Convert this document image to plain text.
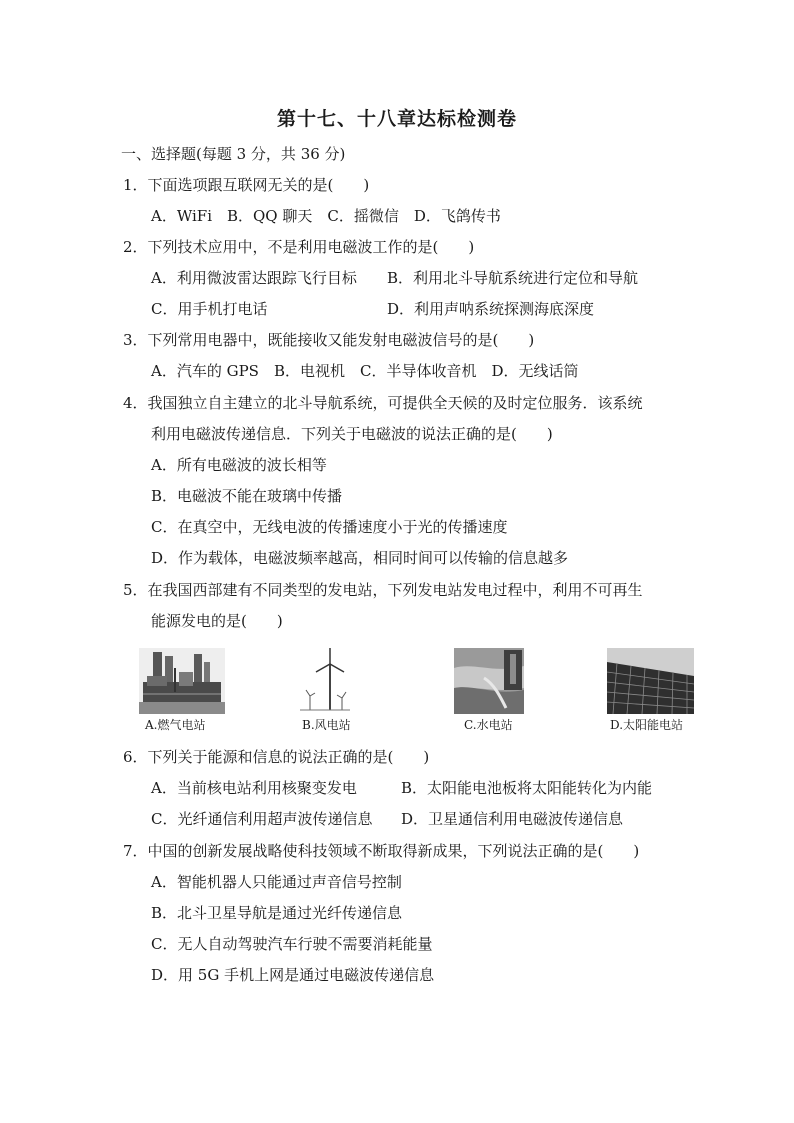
第十七、十八章达标检测卷
一、选择题(每题 3 分，共 36 分)
1．下面选项跟互联网无关的是(　　)
A．WiFi　B．QQ 聊天　C．摇微信　D．飞鸽传书
2．下列技术应用中，不是利用电磁波工作的是(　　)
A．利用微波雷达跟踪飞行目标 B．利用北斗导航系统进行定位和导航
C．用手机打电话	D．利用声呐系统探测海底深度
3．下列常用电器中，既能接收又能发射电磁波信号的是(　　)
A．汽车的 GPS　B．电视机　C．半导体收音机　D．无线话筒
4．我国独立自主建立的北斗导航系统，可提供全天候的及时定位服务．该系统
利用电磁波传递信息．下列关于电磁波的说法正确的是(　　)
A．所有电磁波的波长相等
B．电磁波不能在玻璃中传播
C．在真空中，无线电波的传播速度小于光的传播速度
D．作为载体，电磁波频率越高，相同时间可以传输的信息越多
5．在我国西部建有不同类型的发电站，下列发电站发电过程中，利用不可再生
能源发电的是(　　)
A.燃气电站	B.风电站	C.水电站	D.太阳能电站
6．下列关于能源和信息的说法正确的是(　　)
A．当前核电站利用核聚变发电	B．太阳能电池板将太阳能转化为内能
C．光纤通信利用超声波传递信息 D．卫星通信利用电磁波传递信息
7．中国的创新发展战略使科技领域不断取得新成果，下列说法正确的是(　　)
A．智能机器人只能通过声音信号控制
B．北斗卫星导航是通过光纤传递信息
C．无人自动驾驶汽车行驶不需要消耗能量
D．用 5G 手机上网是通过电磁波传递信息
